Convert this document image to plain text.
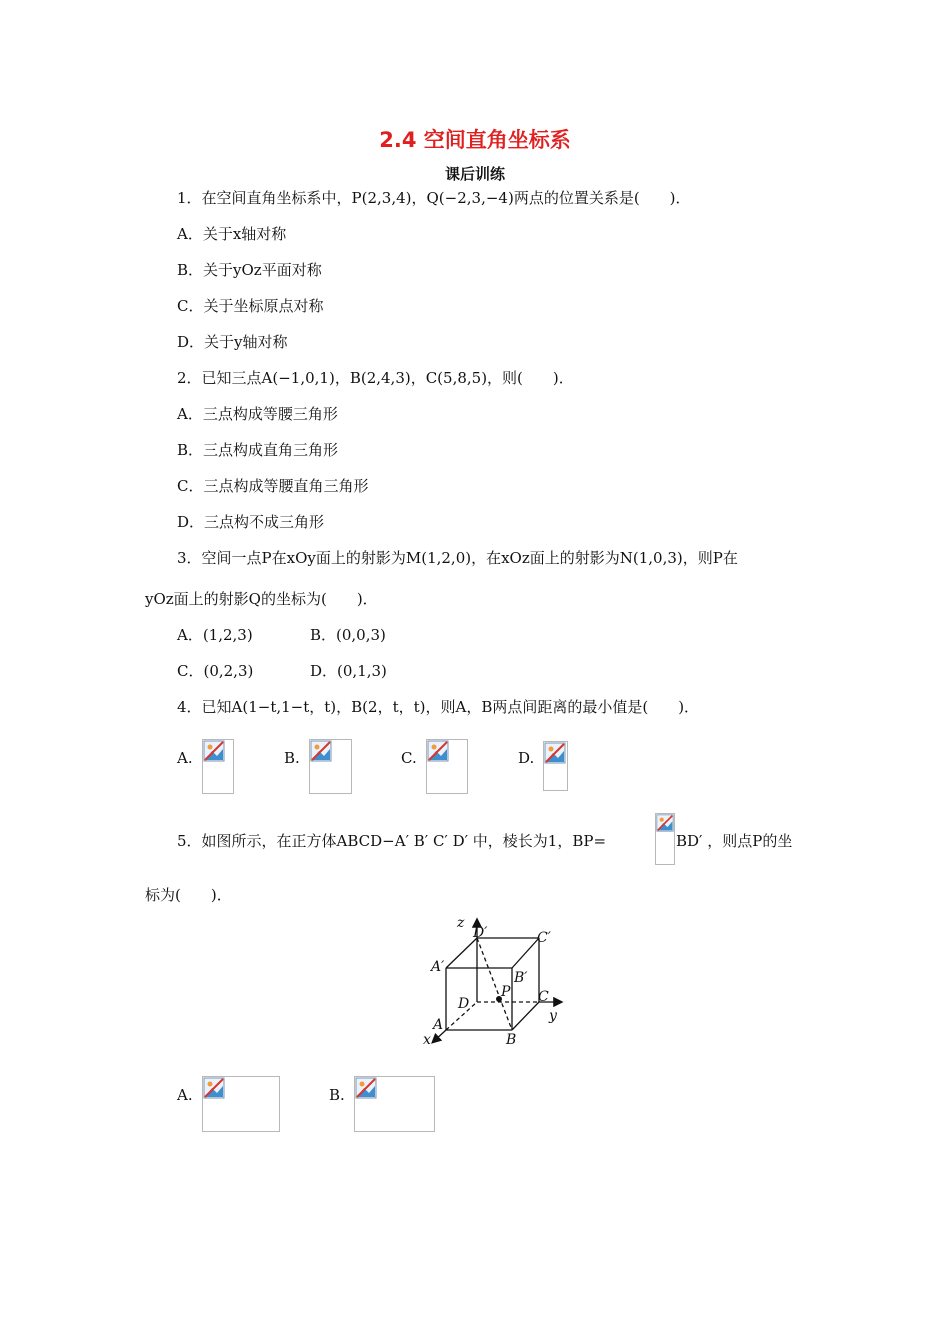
2.4 空间直角坐标系
课后训练
1．在空间直角坐标系中，P(2,3,4)，Q(−2,3,−4)两点的位置关系是(　　)．
A．关于x轴对称
B．关于yOz平面对称
C．关于坐标原点对称
D．关于y轴对称
2．已知三点A(−1,0,1)，B(2,4,3)，C(5,8,5)，则(　　)．
A．三点构成等腰三角形
B．三点构成直角三角形
C．三点构成等腰直角三角形
D．三点构不成三角形
3．空间一点P在xOy面上的射影为M(1,2,0)，在xOz面上的射影为N(1,0,3)，则P在
yOz面上的射影Q的坐标为(　　)．
A．(1,2,3)	B．(0,0,3)
C．(0,2,3)	D．(0,1,3)
4．已知A(1−t,1−t，t)，B(2，t，t)，则A，B两点间距离的最小值是(　　)．
A.	B.	C.	D.
5．如图所示，在正方体ABCD−A′ B′ C′ D′ 中，棱长为1，BP=	BD′ ，则点P的坐
标为(　　)．
z
D′	C′
A′
B′
D
P C
y
A
x	B
A.	B.
